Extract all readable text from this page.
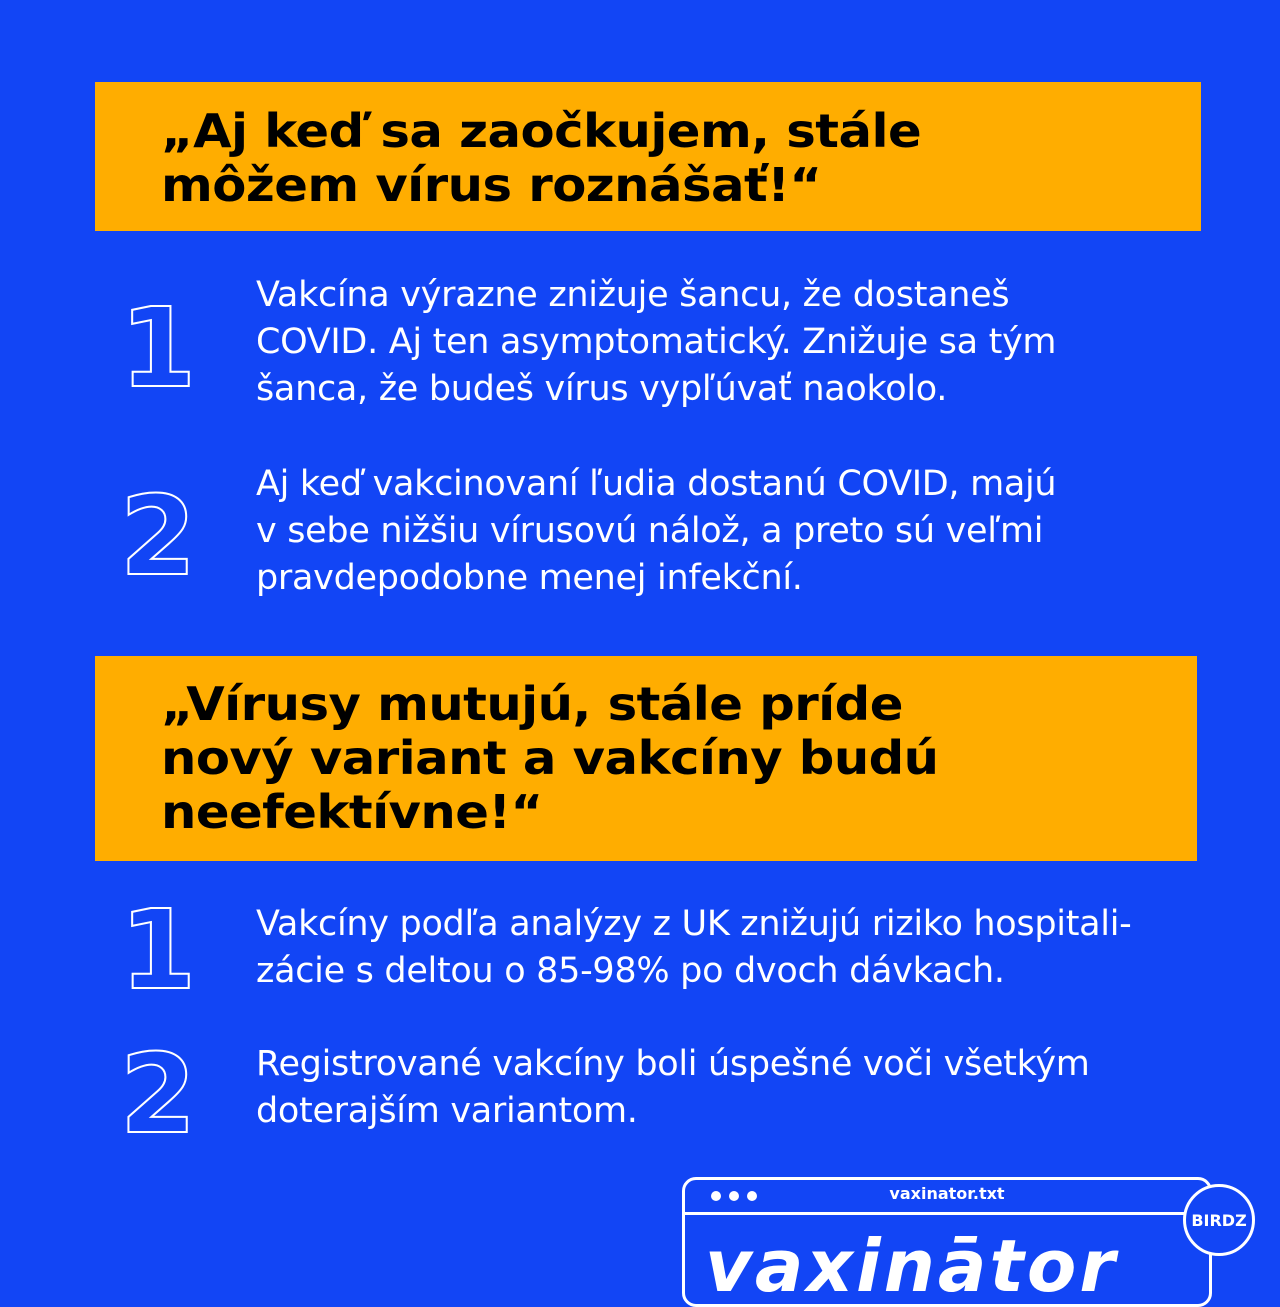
„Aj keď sa zaočkujem, stále
môžem vírus roznášať!“

1 Vakcína výrazne znižuje šancu, že dostaneš
COVID. Aj ten asymptomatický. Znižuje sa tým
šanca, že budeš vírus vypľúvať naokolo.

2 Aj keď vakcinovaní ľudia dostanú COVID, majú
v sebe nižšiu vírusovú nálož, a preto sú veľmi
pravdepodobne menej infekční.

„Vírusy mutujú, stále príde
nový variant a vakcíny budú
neefektívne!“

1 Vakcíny podľa analýzy z UK znižujú riziko hospitali-
zácie s deltou o 85-98% po dvoch dávkach.

2 Registrované vakcíny boli úspešné voči všetkým
doterajším variantom.

vaxinator.txt
vaxinātor
BIRDZ
